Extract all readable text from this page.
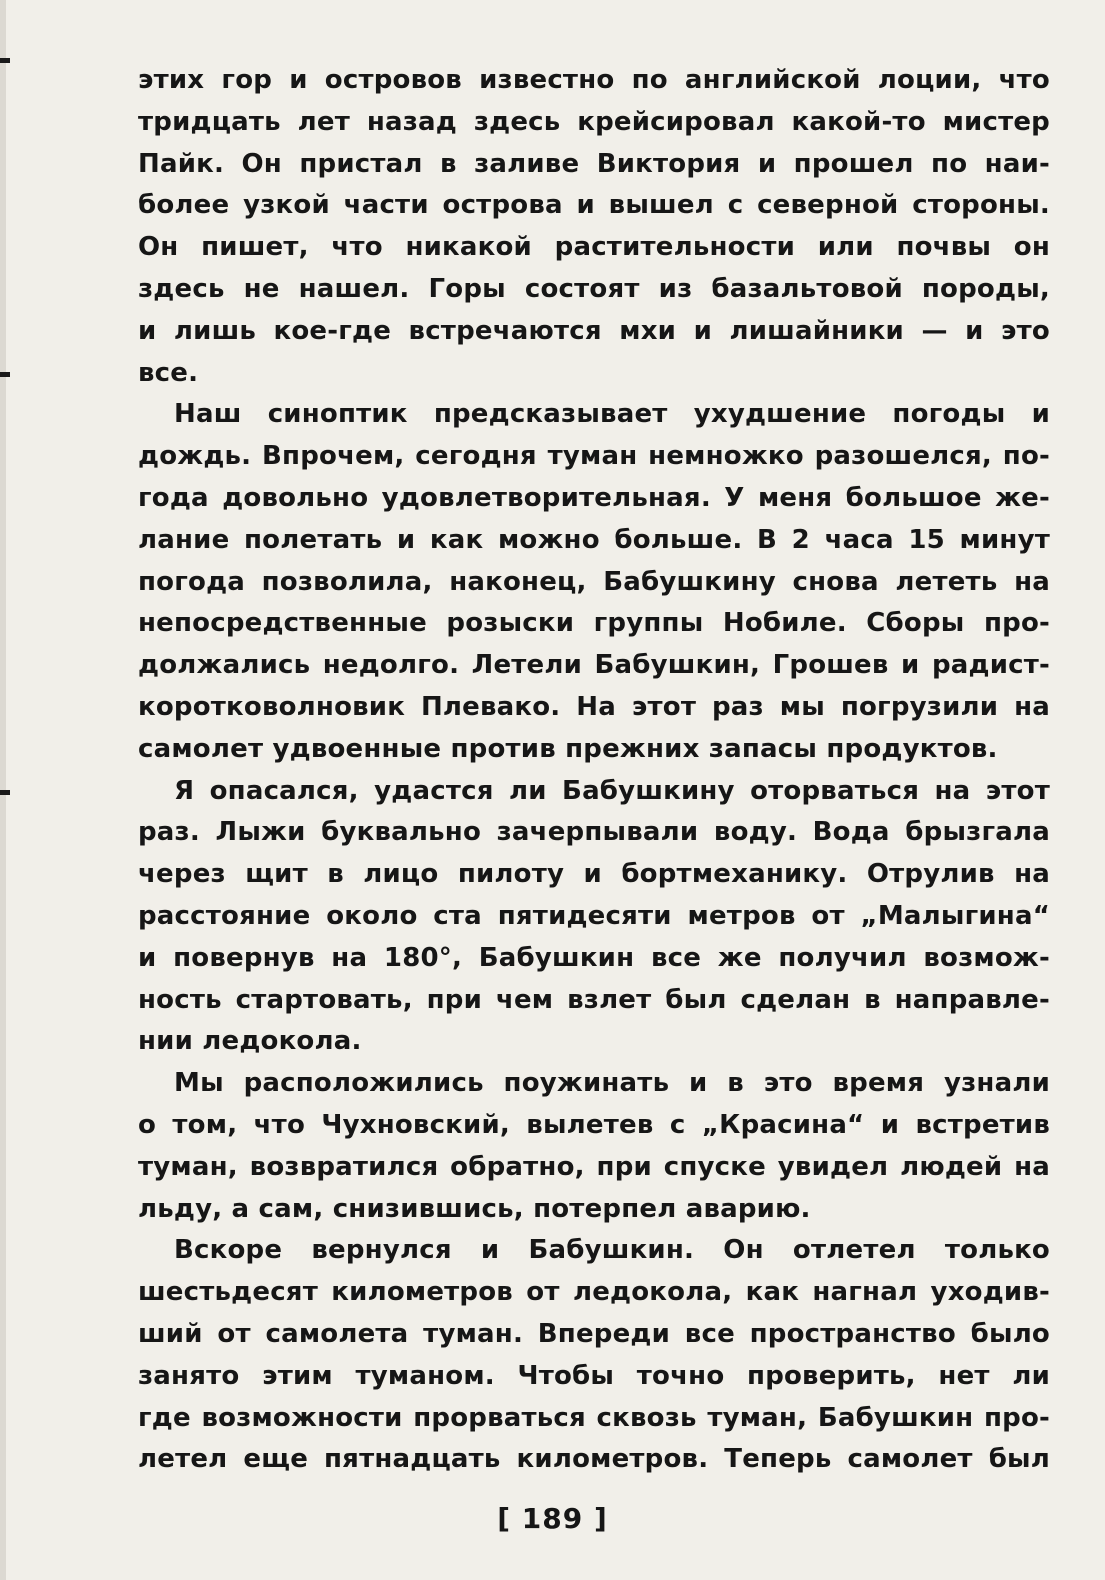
этих гор и островов известно по английской лоции, что
тридцать лет назад здесь крейсировал какой-то мистер
Пайк. Он пристал в заливе Виктория и прошел по наи-
более узкой части острова и вышел с северной стороны.
Он пишет, что никакой растительности или почвы он
здесь не нашел. Горы состоят из базальтовой породы,
и лишь кое-где встречаются мхи и лишайники — и это
все.

Наш синоптик предсказывает ухудшение погоды и
дождь. Впрочем, сегодня туман немножко разошелся, по-
года довольно удовлетворительная. У меня большое же-
лание полетать и как можно больше. В 2 часа 15 минут
погода позволила, наконец, Бабушкину снова лететь на
непосредственные розыски группы Нобиле. Сборы про-
должались недолго. Летели Бабушкин, Грошев и радист-
коротковолновик Плевако. На этот раз мы погрузили на
самолет удвоенные против прежних запасы продуктов.

Я опасался, удастся ли Бабушкину оторваться на этот
раз. Лыжи буквально зачерпывали воду. Вода брызгала
через щит в лицо пилоту и бортмеханику. Отрулив на
расстояние около ста пятидесяти метров от „Малыгина“
и повернув на 180°, Бабушкин все же получил возмож-
ность стартовать, при чем взлет был сделан в направле-
нии ледокола.

Мы расположились поужинать и в это время узнали
о том, что Чухновский, вылетев с „Красина“ и встретив
туман, возвратился обратно, при спуске увидел людей на
льду, а сам, снизившись, потерпел аварию.

Вскоре вернулся и Бабушкин. Он отлетел только
шестьдесят километров от ледокола, как нагнал уходив-
ший от самолета туман. Впереди все пространство было
занято этим туманом. Чтобы точно проверить, нет ли
где возможности прорваться сквозь туман, Бабушкин про-
летел еще пятнадцать километров. Теперь самолет был

[ 189 ]
